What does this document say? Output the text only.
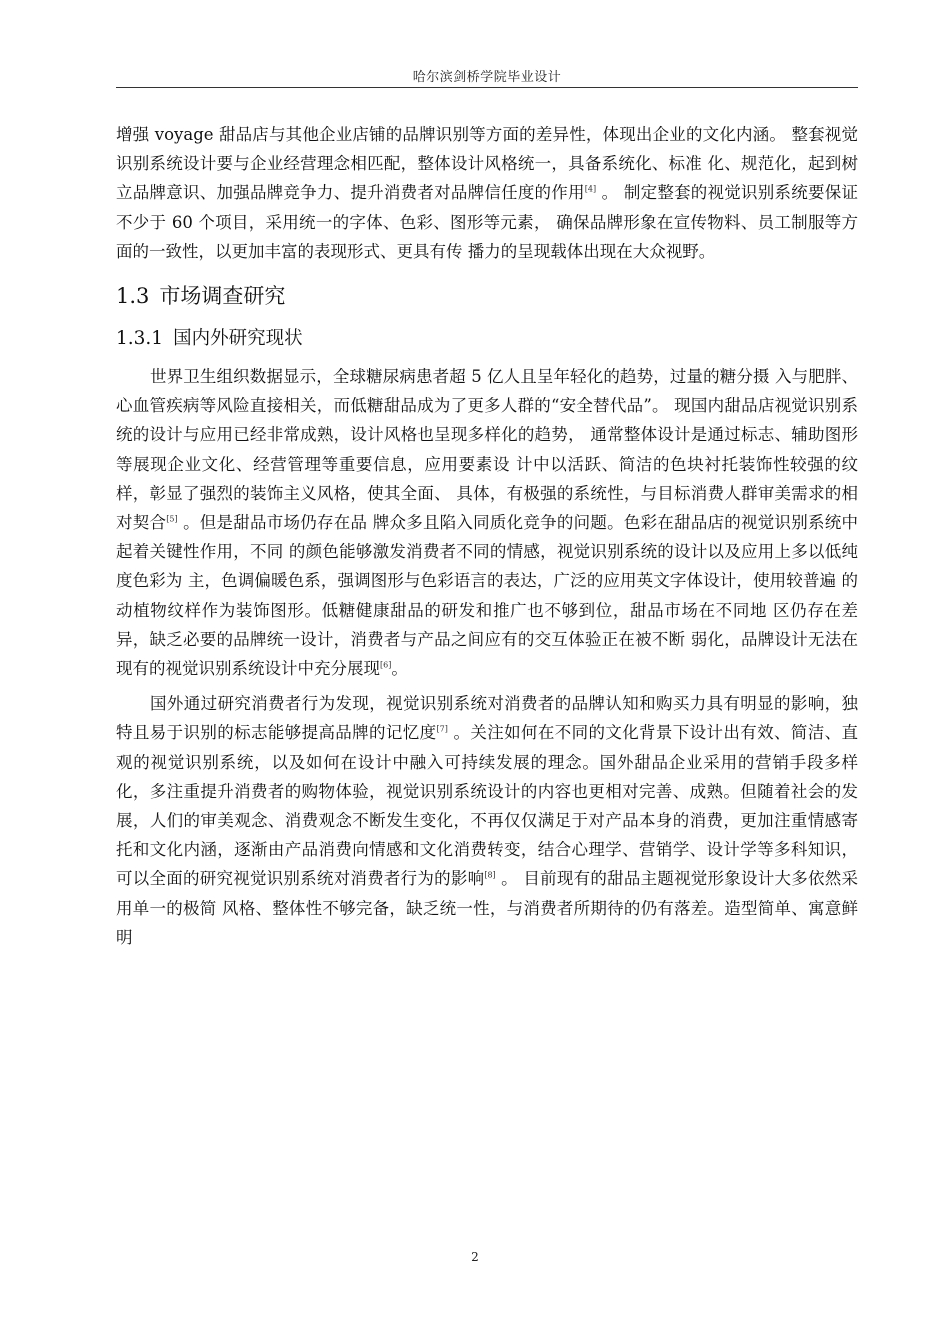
哈尔滨剑桥学院毕业设计

增强 voyage 甜品店与其他企业店铺的品牌识别等方面的差异性，体现出企业的文化内涵。 整套视觉识别系统设计要与企业经营理念相匹配，整体设计风格统一，具备系统化、标准 化、规范化，起到树立品牌意识、加强品牌竞争力、提升消费者对品牌信任度的作用[4] 。 制定整套的视觉识别系统要保证不少于 60 个项目，采用统一的字体、色彩、图形等元素， 确保品牌形象在宣传物料、员工制服等方面的一致性，以更加丰富的表现形式、更具有传 播力的呈现载体出现在大众视野。

1.3 市场调查研究
1.3.1 国内外研究现状

世界卫生组织数据显示，全球糖尿病患者超 5 亿人且呈年轻化的趋势，过量的糖分摄 入与肥胖、心血管疾病等风险直接相关，而低糖甜品成为了更多人群的“安全替代品”。 现国内甜品店视觉识别系统的设计与应用已经非常成熟，设计风格也呈现多样化的趋势， 通常整体设计是通过标志、辅助图形等展现企业文化、经营管理等重要信息，应用要素设 计中以活跃、简洁的色块衬托装饰性较强的纹样，彰显了强烈的装饰主义风格，使其全面、 具体，有极强的系统性，与目标消费人群审美需求的相对契合[5] 。但是甜品市场仍存在品 牌众多且陷入同质化竞争的问题。色彩在甜品店的视觉识别系统中起着关键性作用，不同 的颜色能够激发消费者不同的情感，视觉识别系统的设计以及应用上多以低纯度色彩为 主，色调偏暖色系，强调图形与色彩语言的表达，广泛的应用英文字体设计，使用较普遍 的动植物纹样作为装饰图形。低糖健康甜品的研发和推广也不够到位，甜品市场在不同地 区仍存在差异，缺乏必要的品牌统一设计，消费者与产品之间应有的交互体验正在被不断 弱化，品牌设计无法在现有的视觉识别系统设计中充分展现[6]。

国外通过研究消费者行为发现，视觉识别系统对消费者的品牌认知和购买力具有明显的影响，独特且易于识别的标志能够提高品牌的记忆度[7] 。关注如何在不同的文化背景下设计出有效、简洁、直观的视觉识别系统，以及如何在设计中融入可持续发展的理念。国外甜品企业采用的营销手段多样化，多注重提升消费者的购物体验，视觉识别系统设计的内容也更相对完善、成熟。但随着社会的发展，人们的审美观念、消费观念不断发生变化，不再仅仅满足于对产品本身的消费，更加注重情感寄托和文化内涵，逐渐由产品消费向情感和文化消费转变，结合心理学、营销学、设计学等多科知识，可以全面的研究视觉识别系统对消费者行为的影响[8] 。 目前现有的甜品主题视觉形象设计大多依然采用单一的极简 风格、整体性不够完备，缺乏统一性，与消费者所期待的仍有落差。造型简单、寓意鲜明

2
